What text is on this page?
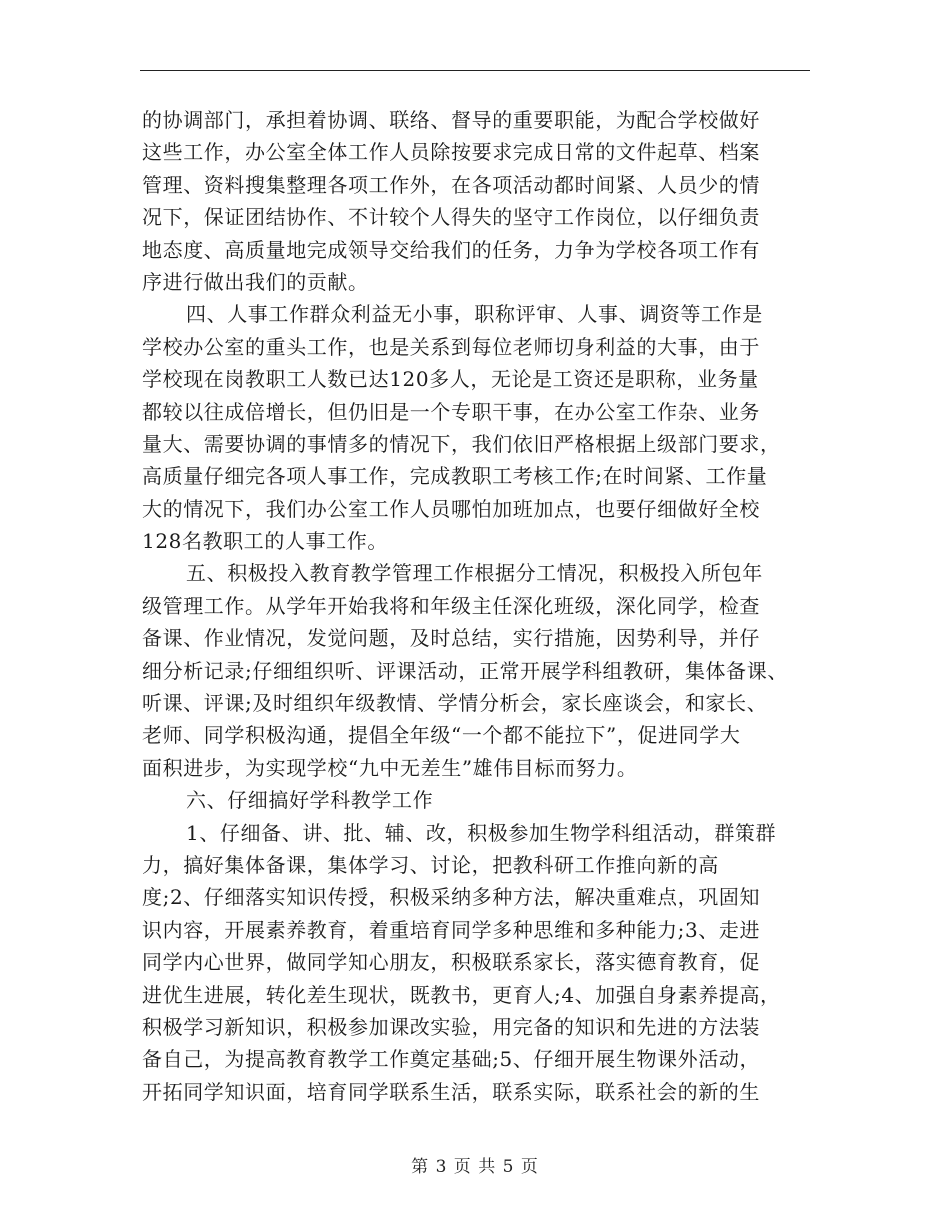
的协调部门，承担着协调、联络、督导的重要职能，为配合学校做好
这些工作，办公室全体工作人员除按要求完成日常的文件起草、档案
管理、资料搜集整理各项工作外，在各项活动都时间紧、人员少的情
况下，保证团结协作、不计较个人得失的坚守工作岗位，以仔细负责
地态度、高质量地完成领导交给我们的任务，力争为学校各项工作有
序进行做出我们的贡献。
四、人事工作群众利益无小事，职称评审、人事、调资等工作是
学校办公室的重头工作，也是关系到每位老师切身利益的大事，由于
学校现在岗教职工人数已达120多人，无论是工资还是职称，业务量
都较以往成倍增长，但仍旧是一个专职干事，在办公室工作杂、业务
量大、需要协调的事情多的情况下，我们依旧严格根据上级部门要求，
高质量仔细完各项人事工作，完成教职工考核工作;在时间紧、工作量
大的情况下，我们办公室工作人员哪怕加班加点，也要仔细做好全校
128名教职工的人事工作。
五、积极投入教育教学管理工作根据分工情况，积极投入所包年
级管理工作。从学年开始我将和年级主任深化班级，深化同学，检查
备课、作业情况，发觉问题，及时总结，实行措施，因势利导，并仔
细分析记录;仔细组织听、评课活动，正常开展学科组教研，集体备课、
听课、评课;及时组织年级教情、学情分析会，家长座谈会，和家长、
老师、同学积极沟通，提倡全年级“一个都不能拉下”，促进同学大
面积进步，为实现学校“九中无差生”雄伟目标而努力。
六、仔细搞好学科教学工作
1、仔细备、讲、批、辅、改，积极参加生物学科组活动，群策群
力，搞好集体备课，集体学习、讨论，把教科研工作推向新的高
度;2、仔细落实知识传授，积极采纳多种方法，解决重难点，巩固知
识内容，开展素养教育，着重培育同学多种思维和多种能力;3、走进
同学内心世界，做同学知心朋友，积极联系家长，落实德育教育，促
进优生进展，转化差生现状，既教书，更育人;4、加强自身素养提高，
积极学习新知识，积极参加课改实验，用完备的知识和先进的方法装
备自己，为提高教育教学工作奠定基础;5、仔细开展生物课外活动，
开拓同学知识面，培育同学联系生活，联系实际，联系社会的新的生
第 3 页 共 5 页
